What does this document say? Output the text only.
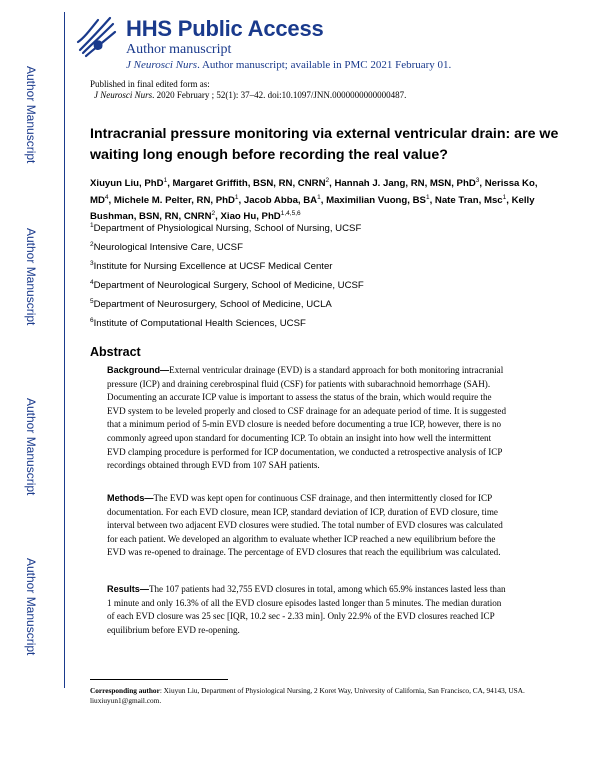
Author Manuscript
Author Manuscript
Author Manuscript
Author Manuscript
HHS Public Access
Author manuscript
J Neurosci Nurs. Author manuscript; available in PMC 2021 February 01.
Published in final edited form as:
J Neurosci Nurs. 2020 February ; 52(1): 37–42. doi:10.1097/JNN.0000000000000487.
Intracranial pressure monitoring via external ventricular drain: are we waiting long enough before recording the real value?
Xiuyun Liu, PhD$^1$, Margaret Griffith, BSN, RN, CNRN$^2$, Hannah J. Jang, RN, MSN, PhD$^3$, Nerissa Ko, $MD^4$, Michele M. Pelter, RN, PhD$^1$, Jacob Abba, $BA^1$, Maximilian Vuong, $BS^1$, Nate Tran, Msc$^1$, Kelly Bushman, BSN, RN, CNRN$^2$, Xiao Hu, PhD$^{1,4,5,6}$
$^1$Department of Physiological Nursing, School of Nursing, UCSF
$^2$Neurological Intensive Care, UCSF
$^3$Institute for Nursing Excellence at UCSF Medical Center
$^4$Department of Neurological Surgery, School of Medicine, UCSF
$^5$Department of Neurosurgery, School of Medicine, UCLA
$^6$Institute of Computational Health Sciences, UCSF
Abstract
Background—External ventricular drainage (EVD) is a standard approach for both monitoring intracranial pressure (ICP) and draining cerebrospinal fluid (CSF) for patients with subarachnoid hemorrhage (SAH). Documenting an accurate ICP value is important to assess the status of the brain, which would require the EVD system to be leveled properly and closed to CSF drainage for an adequate period of time. It is suggested that a minimum period of 5-min EVD closure is needed before documenting a true ICP, however, there is no commonly agreed upon standard for documenting ICP. To obtain an insight into how well the intermittent EVD clamping procedure is performed for ICP documentation, we conducted a retrospective analysis of ICP recordings obtained through EVD from 107 SAH patients.
Methods—The EVD was kept open for continuous CSF drainage, and then intermittently closed for ICP documentation. For each EVD closure, mean ICP, standard deviation of ICP, duration of EVD closure, time interval between two adjacent EVD closures were studied. The total number of EVD closures was calculated for each patient. We developed an algorithm to evaluate whether ICP reached a new equilibrium before the EVD was re-opened to drainage. The percentage of EVD closures that reach the equilibrium was calculated.
Results—The 107 patients had 32,755 EVD closures in total, among which 65.9% instances lasted less than 1 minute and only 16.3% of all the EVD closure episodes lasted longer than 5 minutes. The median duration of each EVD closure was 25 sec [IQR, 10.2 sec - 2.33 min]. Only 22.9% of the EVD closures reached ICP equilibrium before EVD re-opening.
Corresponding author: Xiuyun Liu, Department of Physiological Nursing, 2 Koret Way, University of California, San Francisco, CA, 94143, USA. liuxiuyun1@gmail.com.
